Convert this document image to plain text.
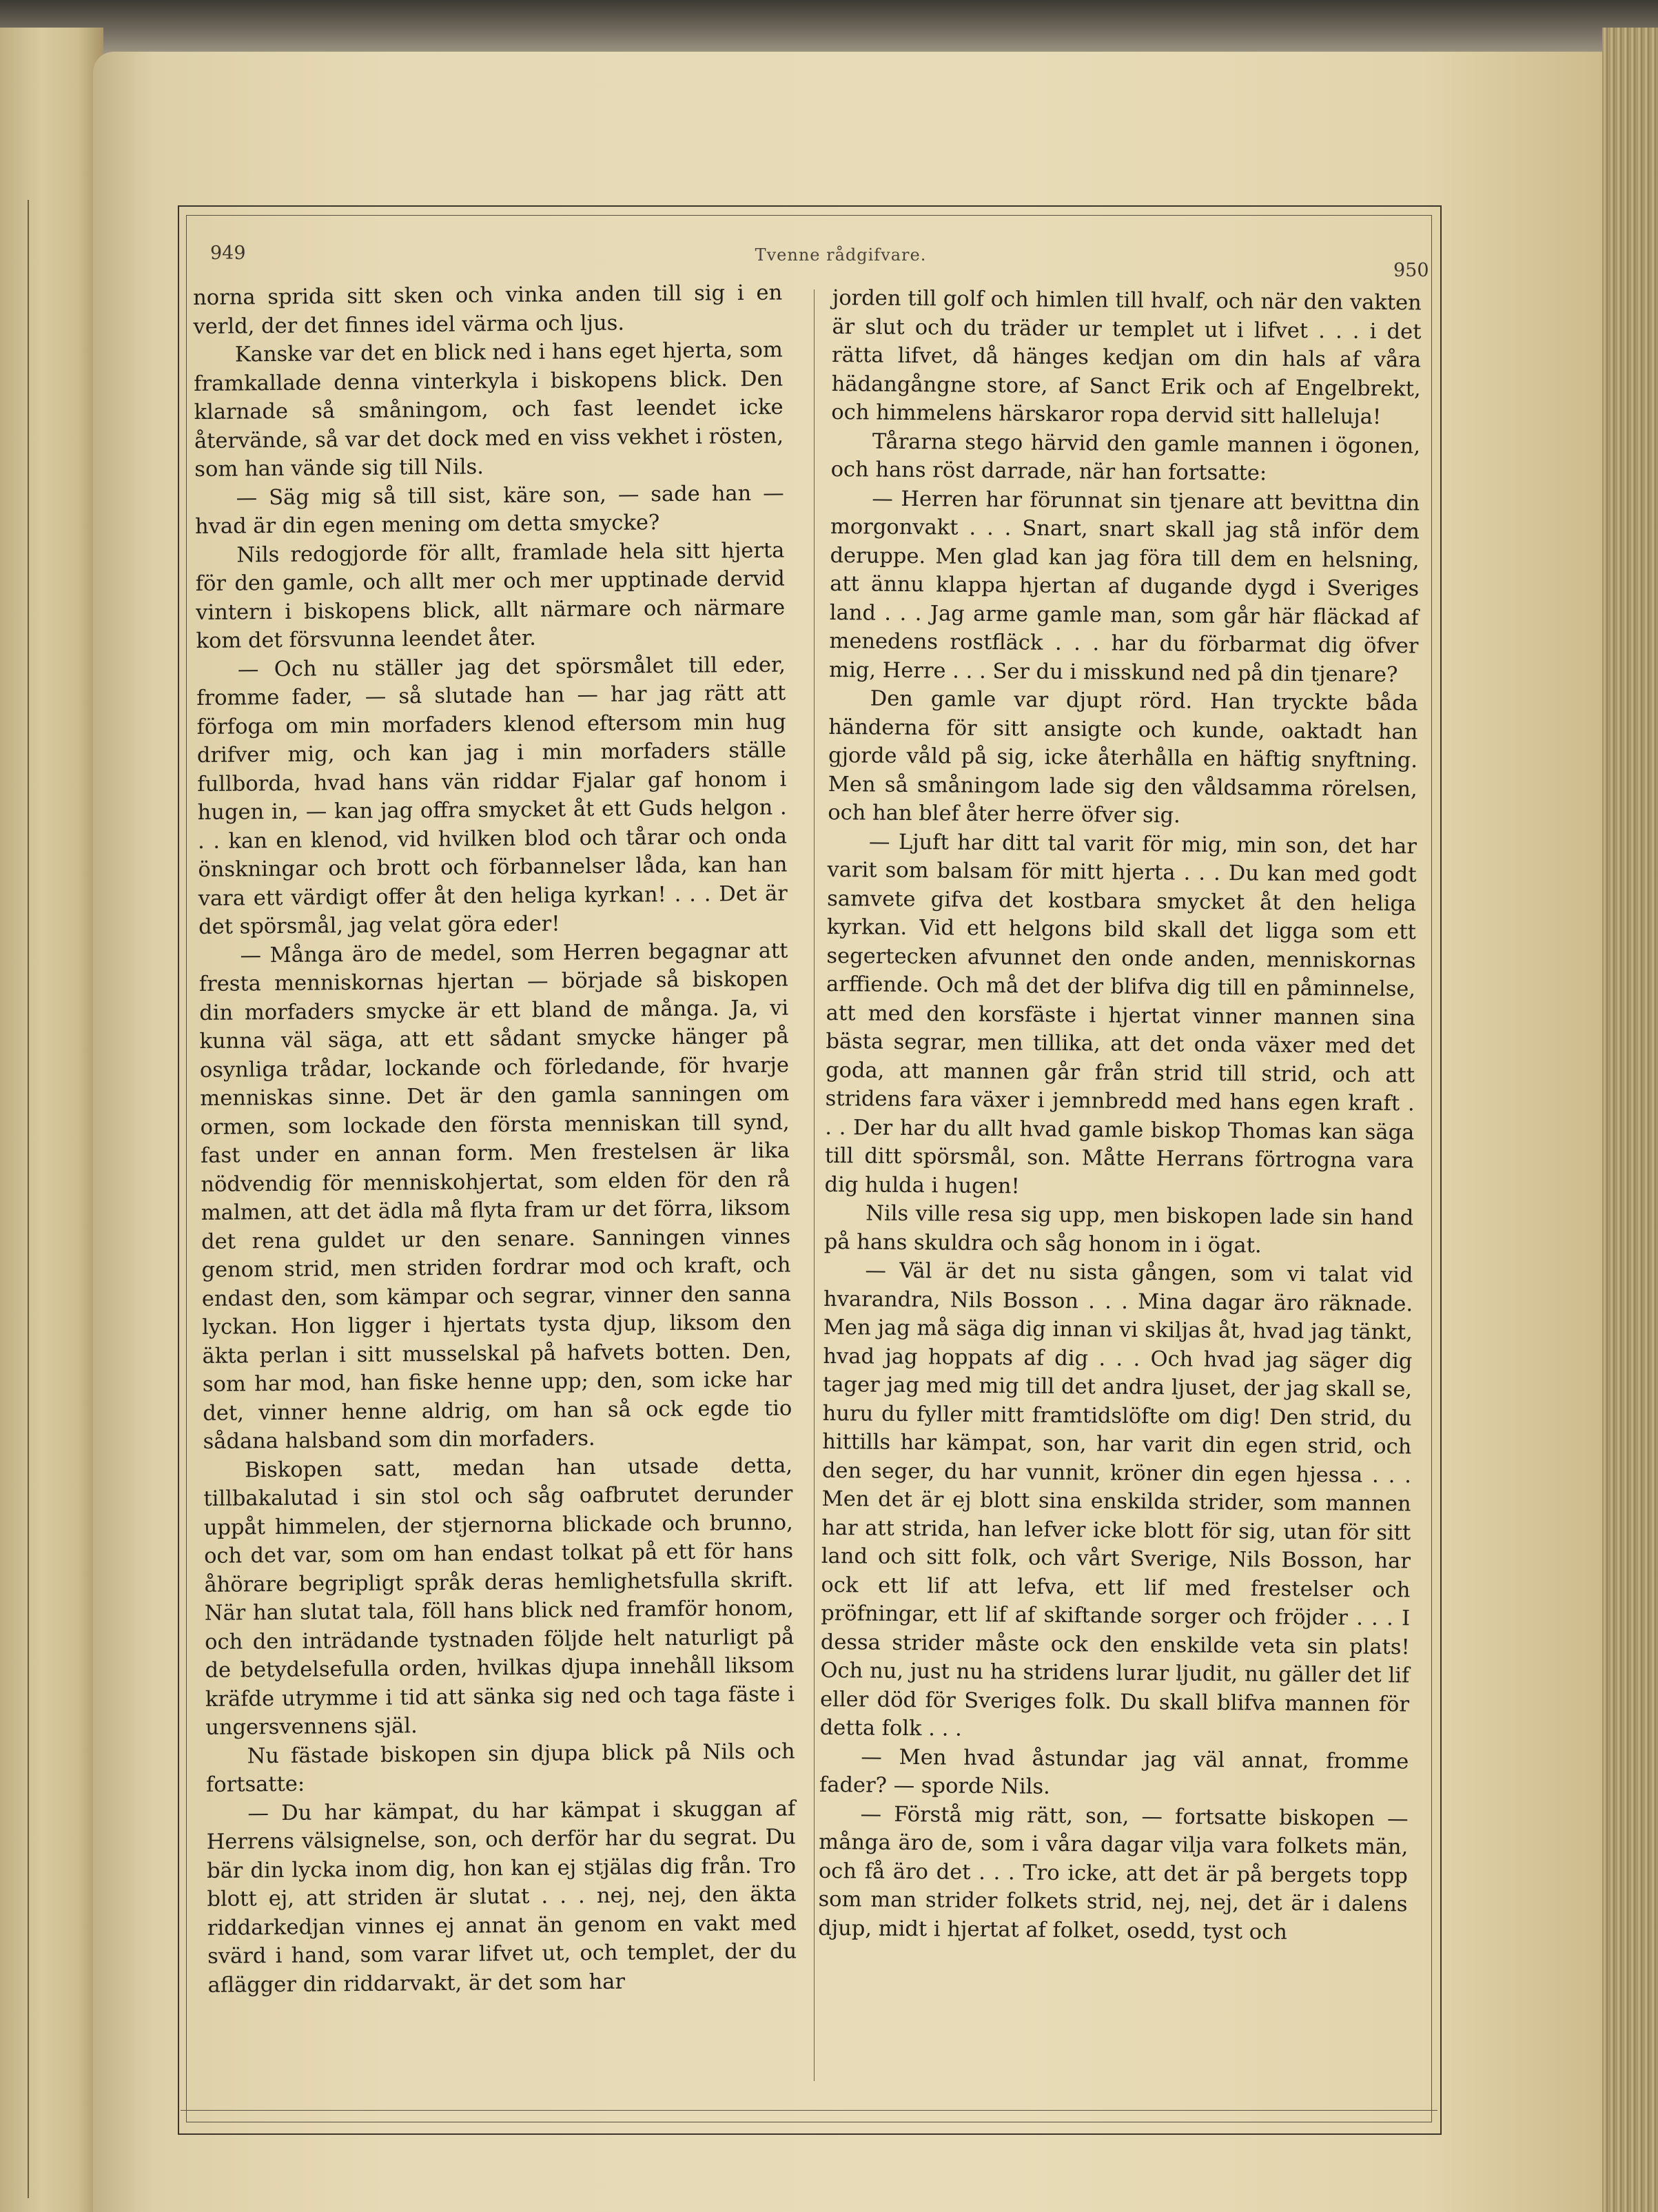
949	Tvenne rådgifvare.
950

norna sprida sitt sken och vinka anden till sig i en verld, der det finnes idel värma och ljus.

Kanske var det en blick ned i hans eget hjerta, som framkallade denna vinterkyla i biskopens blick. Den klarnade så småningom, och fast leendet icke återvände, så var det dock med en viss vekhet i rösten, som han vände sig till Nils.

— Säg mig så till sist, käre son, — sade han — hvad är din egen mening om detta smycke?

Nils redogjorde för allt, framlade hela sitt hjerta för den gamle, och allt mer och mer upptinade dervid vintern i biskopens blick, allt närmare och närmare kom det försvunna leendet åter.

— Och nu ställer jag det spörsmålet till eder, fromme fader, — så slutade han — har jag rätt att förfoga om min morfaders klenod eftersom min hug drifver mig, och kan jag i min morfaders ställe fullborda, hvad hans vän riddar Fjalar gaf honom i hugen in, — kan jag offra smycket åt ett Guds helgon . . . kan en klenod, vid hvilken blod och tårar och onda önskningar och brott och förbannelser låda, kan han vara ett värdigt offer åt den heliga kyrkan! . . . Det är det spörsmål, jag velat göra eder!

— Många äro de medel, som Herren begagnar att fresta menniskornas hjertan — började så biskopen din morfaders smycke är ett bland de många. Ja, vi kunna väl säga, att ett sådant smycke hänger på osynliga trådar, lockande och förledande, för hvarje menniskas sinne. Det är den gamla sanningen om ormen, som lockade den första menniskan till synd, fast under en annan form. Men frestelsen är lika nödvendig för menniskohjertat, som elden för den rå malmen, att det ädla må flyta fram ur det förra, liksom det rena guldet ur den senare. Sanningen vinnes genom strid, men striden fordrar mod och kraft, och endast den, som kämpar och segrar, vinner den sanna lyckan. Hon ligger i hjertats tysta djup, liksom den äkta perlan i sitt musselskal på hafvets botten. Den, som har mod, han fiske henne upp; den, som icke har det, vinner henne aldrig, om han så ock egde tio sådana halsband som din morfaders.

Biskopen satt, medan han utsade detta, tillbakalutad i sin stol och såg oafbrutet derunder uppåt himmelen, der stjernorna blickade och brunno, och det var, som om han endast tolkat på ett för hans åhörare begripligt språk deras hemlighetsfulla skrift. När han slutat tala, föll hans blick ned framför honom, och den inträdande tystnaden följde helt naturligt på de betydelsefulla orden, hvilkas djupa innehåll liksom kräfde utrymme i tid att sänka sig ned och taga fäste i ungersvennens själ.

Nu fästade biskopen sin djupa blick på Nils och fortsatte:

— Du har kämpat, du har kämpat i skuggan af Herrens välsignelse, son, och derför har du segrat. Du bär din lycka inom dig, hon kan ej stjälas dig från. Tro blott ej, att striden är slutat . . . nej, nej, den äkta riddarkedjan vinnes ej annat än genom en vakt med svärd i hand, som varar lifvet ut, och templet, der du aflägger din riddarvakt, är det som har

jorden till golf och himlen till hvalf, och när den vakten är slut och du träder ur templet ut i lifvet . . . i det rätta lifvet, då hänges kedjan om din hals af våra hädangångne store, af Sanct Erik och af Engelbrekt, och himmelens härskaror ropa dervid sitt halleluja!

Tårarna stego härvid den gamle mannen i ögonen, och hans röst darrade, när han fortsatte:

— Herren har förunnat sin tjenare att bevittna din morgonvakt . . . Snart, snart skall jag stå inför dem deruppe. Men glad kan jag föra till dem en helsning, att ännu klappa hjertan af dugande dygd i Sveriges land . . . Jag arme gamle man, som går här fläckad af menedens rostfläck . . . har du förbarmat dig öfver mig, Herre . . . Ser du i misskund ned på din tjenare?

Den gamle var djupt rörd. Han tryckte båda händerna för sitt ansigte och kunde, oaktadt han gjorde våld på sig, icke återhålla en häftig snyftning. Men så småningom lade sig den våldsamma rörelsen, och han blef åter herre öfver sig.

— Ljuft har ditt tal varit för mig, min son, det har varit som balsam för mitt hjerta . . . Du kan med godt samvete gifva det kostbara smycket åt den heliga kyrkan. Vid ett helgons bild skall det ligga som ett segertecken afvunnet den onde anden, menniskornas arffiende. Och må det der blifva dig till en påminnelse, att med den korsfäste i hjertat vinner mannen sina bästa segrar, men tillika, att det onda växer med det goda, att mannen går från strid till strid, och att stridens fara växer i jemnbredd med hans egen kraft . . . Der har du allt hvad gamle biskop Thomas kan säga till ditt spörsmål, son. Måtte Herrans förtrogna vara dig hulda i hugen!

Nils ville resa sig upp, men biskopen lade sin hand på hans skuldra och såg honom in i ögat.

— Väl är det nu sista gången, som vi talat vid hvarandra, Nils Bosson . . . Mina dagar äro räknade. Men jag må säga dig innan vi skiljas åt, hvad jag tänkt, hvad jag hoppats af dig . . . Och hvad jag säger dig tager jag med mig till det andra ljuset, der jag skall se, huru du fyller mitt framtidslöfte om dig! Den strid, du hittills har kämpat, son, har varit din egen strid, och den seger, du har vunnit, kröner din egen hjessa . . . Men det är ej blott sina enskilda strider, som mannen har att strida, han lefver icke blott för sig, utan för sitt land och sitt folk, och vårt Sverige, Nils Bosson, har ock ett lif att lefva, ett lif med frestelser och pröfningar, ett lif af skiftande sorger och fröjder . . . I dessa strider måste ock den enskilde veta sin plats! Och nu, just nu ha stridens lurar ljudit, nu gäller det lif eller död för Sveriges folk. Du skall blifva mannen för detta folk . . .

— Men hvad åstundar jag väl annat, fromme fader? — sporde Nils.

— Förstå mig rätt, son, — fortsatte biskopen — många äro de, som i våra dagar vilja vara folkets män, och få äro det . . . Tro icke, att det är på bergets topp som man strider folkets strid, nej, nej, det är i dalens djup, midt i hjertat af folket, osedd, tyst och
